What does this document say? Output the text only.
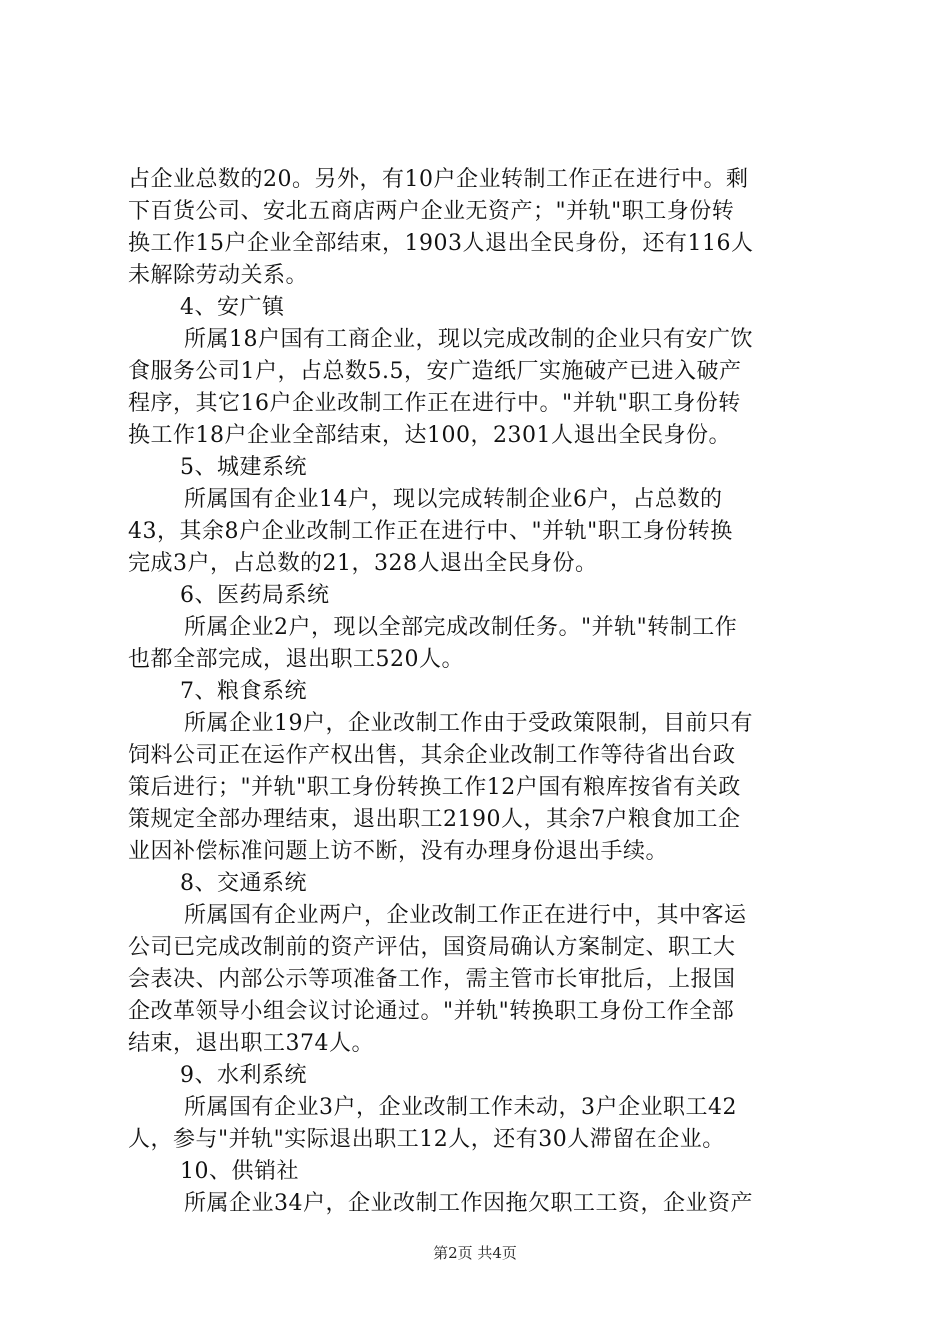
占企业总数的20。另外，有10户企业转制工作正在进行中。剩
下百货公司、安北五商店两户企业无资产；"并轨"职工身份转
换工作15户企业全部结束，1903人退出全民身份，还有116人
未解除劳动关系。
4、安广镇
所属18户国有工商企业，现以完成改制的企业只有安广饮
食服务公司1户，占总数5.5，安广造纸厂实施破产已进入破产
程序，其它16户企业改制工作正在进行中。"并轨"职工身份转
换工作18户企业全部结束，达100，2301人退出全民身份。
5、城建系统
所属国有企业14户，现以完成转制企业6户，占总数的
43，其余8户企业改制工作正在进行中、"并轨"职工身份转换
完成3户，占总数的21，328人退出全民身份。
6、医药局系统
所属企业2户，现以全部完成改制任务。"并轨"转制工作
也都全部完成，退出职工520人。
7、粮食系统
所属企业19户，企业改制工作由于受政策限制，目前只有
饲料公司正在运作产权出售，其余企业改制工作等待省出台政
策后进行；"并轨"职工身份转换工作12户国有粮库按省有关政
策规定全部办理结束，退出职工2190人，其余7户粮食加工企
业因补偿标准问题上访不断，没有办理身份退出手续。
8、交通系统
所属国有企业两户，企业改制工作正在进行中，其中客运
公司已完成改制前的资产评估，国资局确认方案制定、职工大
会表决、内部公示等项准备工作，需主管市长审批后，上报国
企改革领导小组会议讨论通过。"并轨"转换职工身份工作全部
结束，退出职工374人。
9、水利系统
所属国有企业3户，企业改制工作未动，3户企业职工42
人，参与"并轨"实际退出职工12人，还有30人滞留在企业。
10、供销社
所属企业34户，企业改制工作因拖欠职工工资，企业资产
第2页 共4页
